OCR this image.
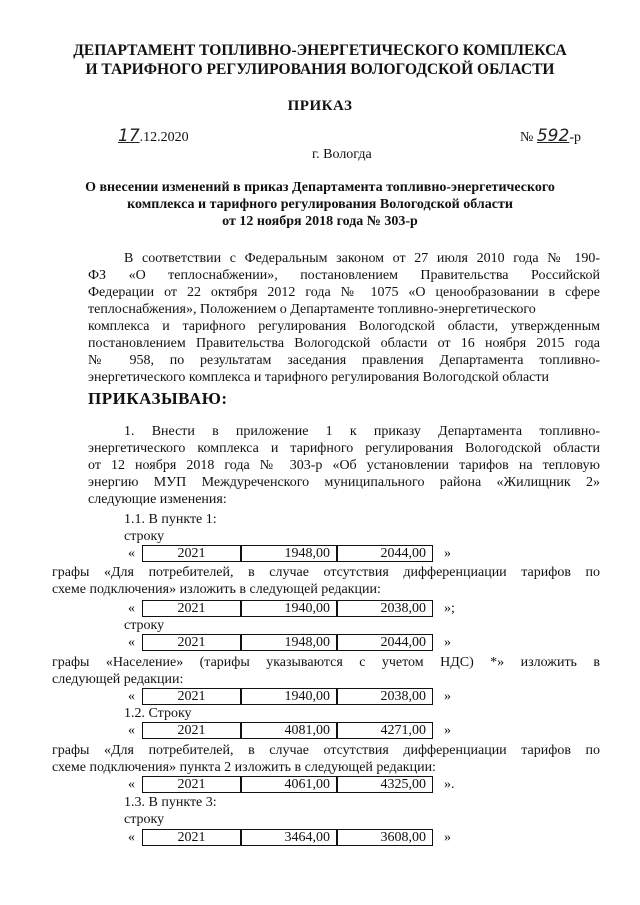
ДЕПАРТАМЕНТ ТОПЛИВНО-ЭНЕРГЕТИЧЕСКОГО КОМПЛЕКСА
И ТАРИФНОГО РЕГУЛИРОВАНИЯ ВОЛОГОДСКОЙ ОБЛАСТИ
ПРИКАЗ
17.12.2020	№ 592-р
г. Вологда
О внесении изменений в приказ Департамента топливно-энергетического
комплекса и тарифного регулирования Вологодской области
от 12 ноября 2018 года № 303-р
В соответствии с Федеральным законом от 27 июля 2010 года № 190-
ФЗ «О теплоснабжении», постановлением Правительства Российской
Федерации от 22 октября 2012 года № 1075 «О ценообразовании в сфере
теплоснабжения», Положением о Департаменте топливно-энергетического
комплекса и тарифного регулирования Вологодской области, утвержденным
постановлением Правительства Вологодской области от 16 ноября 2015 года
№ 958, по результатам заседания правления Департамента топливно-
энергетического комплекса и тарифного регулирования Вологодской области
ПРИКАЗЫВАЮ:
1. Внести в приложение 1 к приказу Департамента топливно-
энергетического комплекса и тарифного регулирования Вологодской области
от 12 ноября 2018 года № 303-р «Об установлении тарифов на тепловую
энергию МУП Междуреченского муниципального района «Жилищник 2»
следующие изменения:
1.1. В пункте 1:
строку
«	2021	1948,00	2044,00	»
графы «Для потребителей, в случае отсутствия дифференциации тарифов по
схеме подключения» изложить в следующей редакции:
«	2021	1940,00	2038,00	»;
строку
«	2021	1948,00	2044,00	»
графы «Население» (тарифы указываются с учетом НДС) *» изложить в
следующей редакции:
«	2021	1940,00	2038,00	»
1.2. Строку
«	2021	4081,00	4271,00	»
графы «Для потребителей, в случае отсутствия дифференциации тарифов по
схеме подключения» пункта 2 изложить в следующей редакции:
«	2021	4061,00	4325,00	».
1.3. В пункте 3:
строку
«	2021	3464,00	3608,00	»
